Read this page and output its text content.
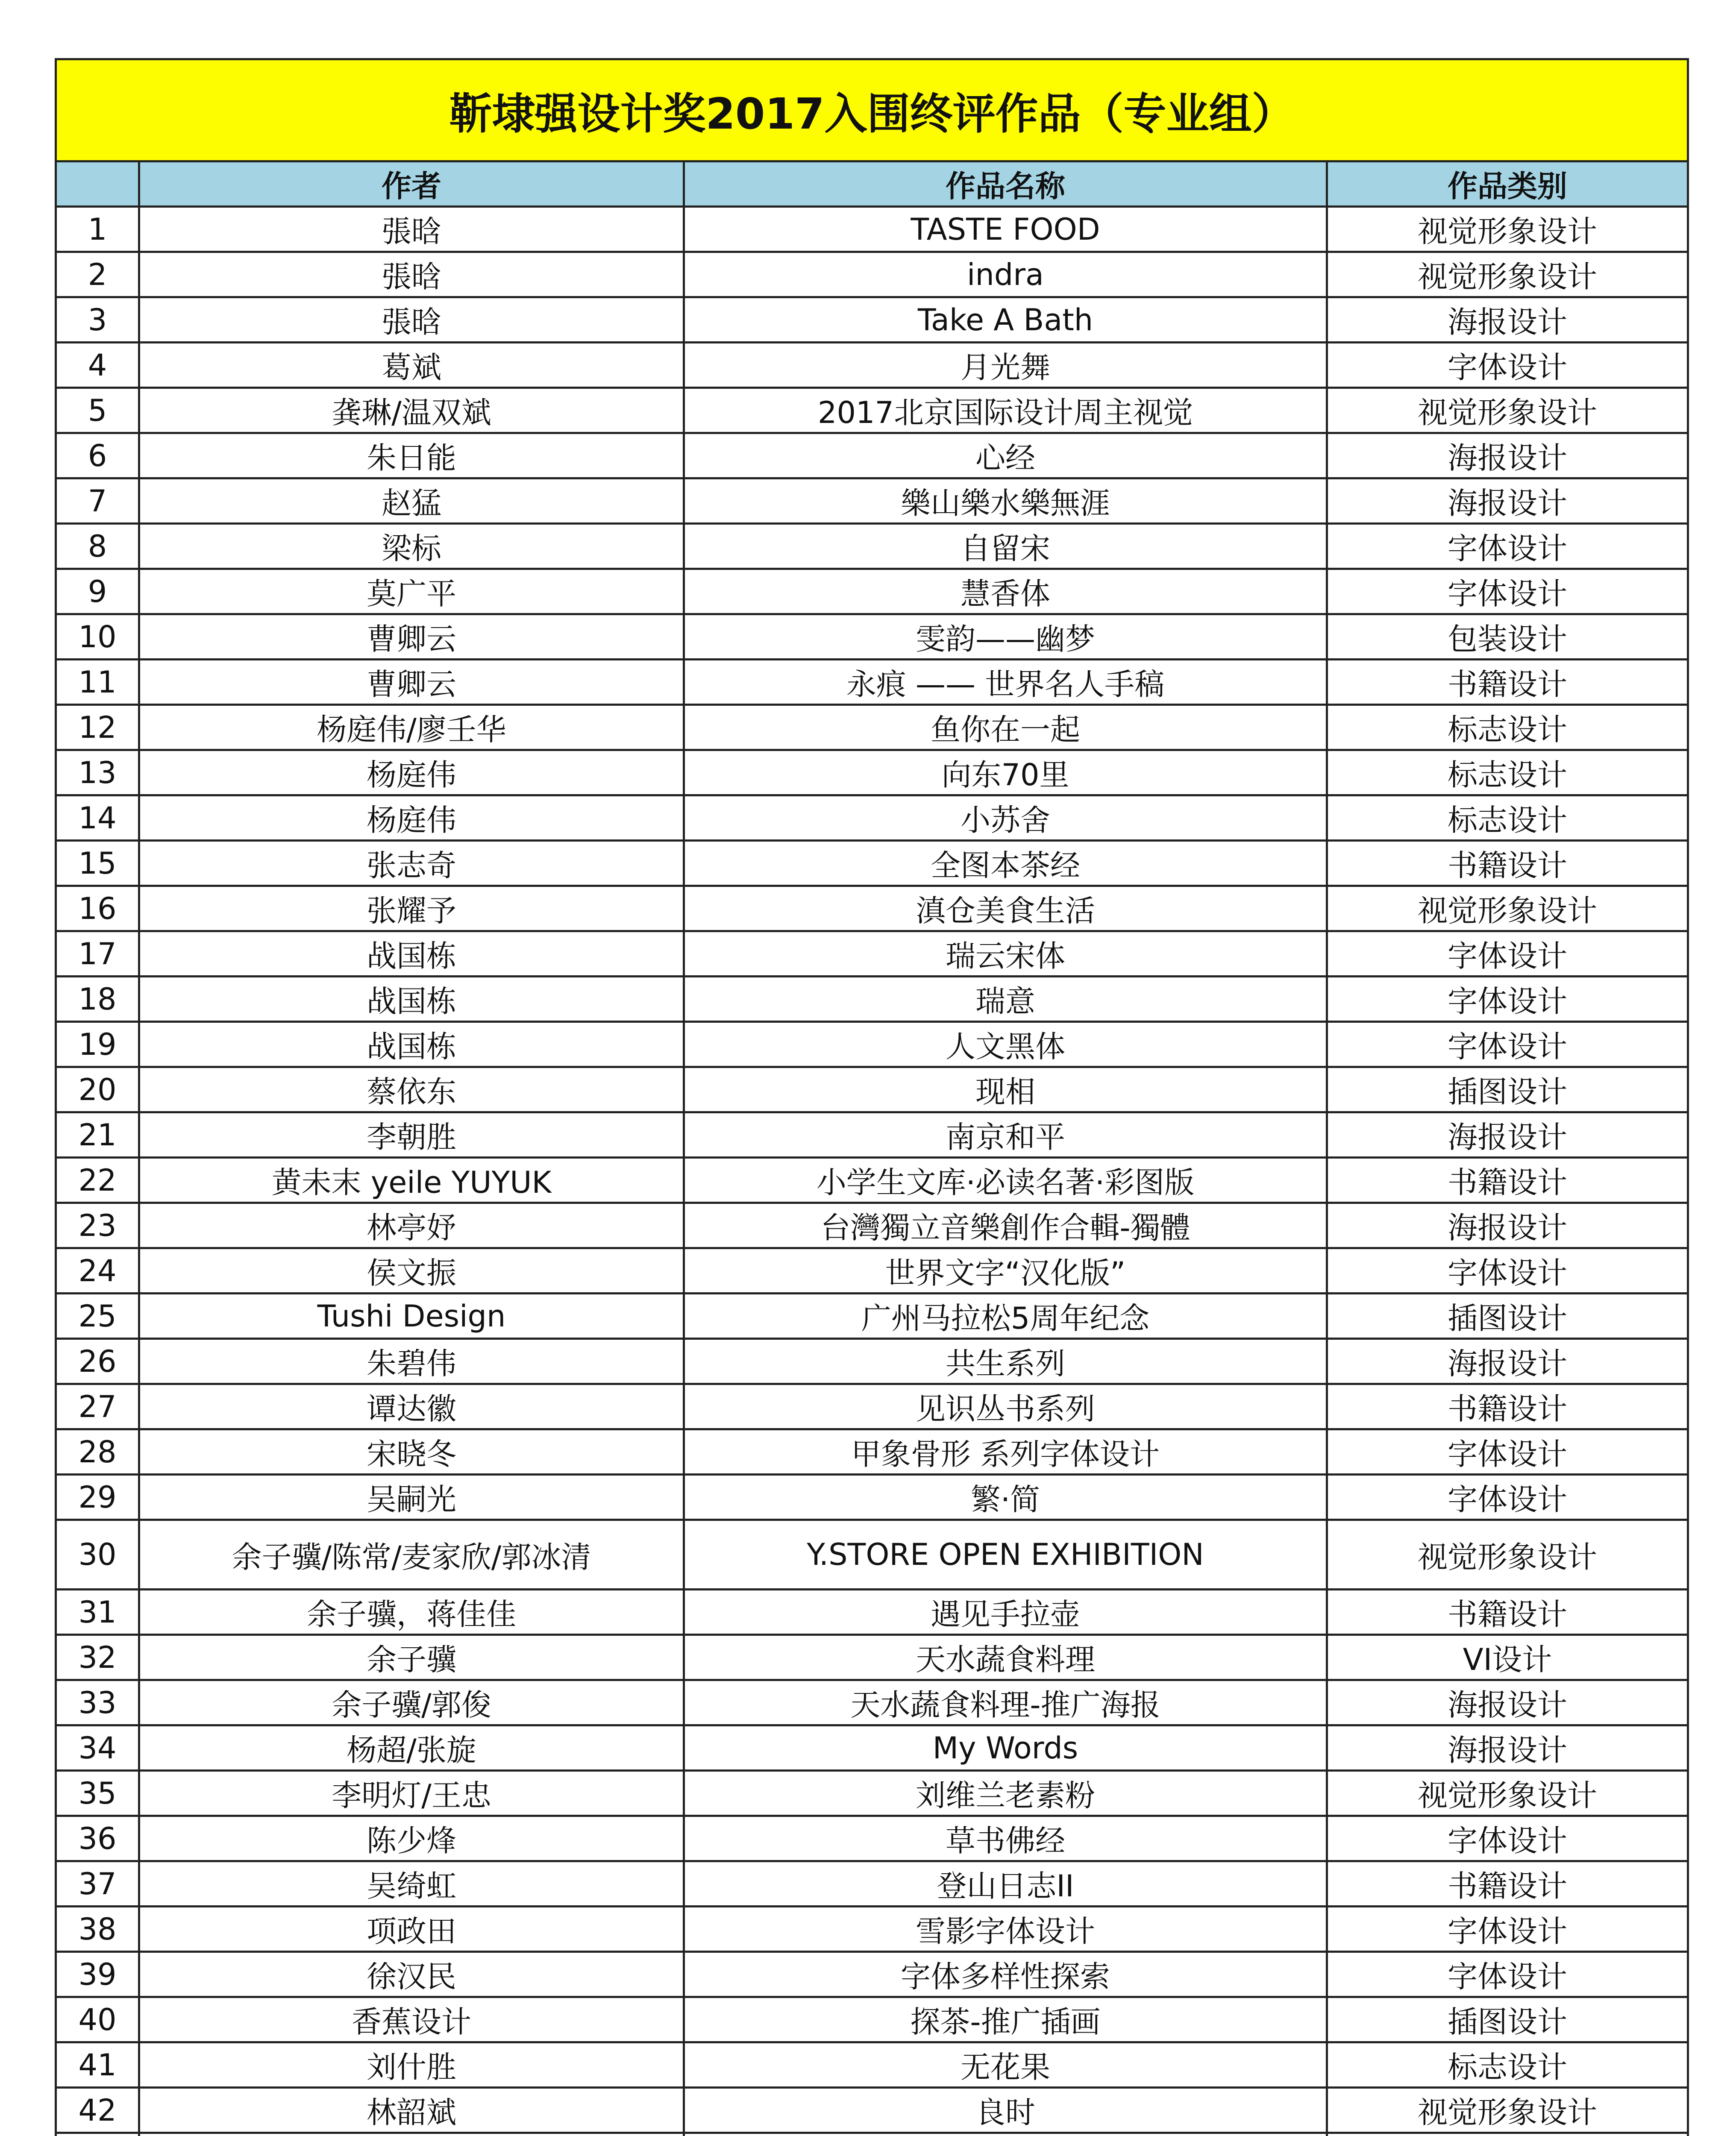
靳埭强设计奖2017入围终评作品（专业组）			
	作者	作品名称	作品类别
1	張晗	TASTE FOOD	视觉形象设计
2	張晗	indra	视觉形象设计
3	張晗	Take A Bath	海报设计
4	葛斌	月光舞	字体设计
5	龚琳/温双斌	2017北京国际设计周主视觉	视觉形象设计
6	朱日能	心经	海报设计
7	赵猛	樂山樂水樂無涯	海报设计
8	梁标	自留宋	字体设计
9	莫广平	慧香体	字体设计
10	曹卿云	雯韵——幽梦	包装设计
11	曹卿云	永痕 —— 世界名人手稿	书籍设计
12	杨庭伟/廖壬华	鱼你在一起	标志设计
13	杨庭伟	向东70里	标志设计
14	杨庭伟	小苏舍	标志设计
15	张志奇	全图本茶经	书籍设计
16	张耀予	滇仓美食生活	视觉形象设计
17	战国栋	瑞云宋体	字体设计
18	战国栋	瑞意	字体设计
19	战国栋	人文黑体	字体设计
20	蔡依东	现相	插图设计
21	李朝胜	南京和平	海报设计
22	黄未末 yeile YUYUK	小学生文库·必读名著·彩图版	书籍设计
23	林亭妤	台灣獨立音樂創作合輯-獨體	海报设计
24	侯文振	世界文字“汉化版”	字体设计
25	Tushi Design	广州马拉松5周年纪念	插图设计
26	朱碧伟	共生系列	海报设计
27	谭达徽	见识丛书系列	书籍设计
28	宋晓冬	甲象骨形 系列字体设计	字体设计
29	吴嗣光	繁·简	字体设计
30	余子骥/陈常/麦家欣/郭冰清	Y.STORE OPEN EXHIBITION	视觉形象设计
31	余子骥，蒋佳佳	遇见手拉壶	书籍设计
32	余子骥	天水蔬食料理	VI设计
33	余子骥/郭俊	天水蔬食料理-推广海报	海报设计
34	杨超/张旋	My Words	海报设计
35	李明灯/王忠	刘维兰老素粉	视觉形象设计
36	陈少烽	草书佛经	字体设计
37	吴绮虹	登山日志II	书籍设计
38	项政田	雪影字体设计	字体设计
39	徐汉民	字体多样性探索	字体设计
40	香蕉设计	探茶-推广插画	插图设计
41	刘什胜	无花果	标志设计
42	林韶斌	良时	视觉形象设计
